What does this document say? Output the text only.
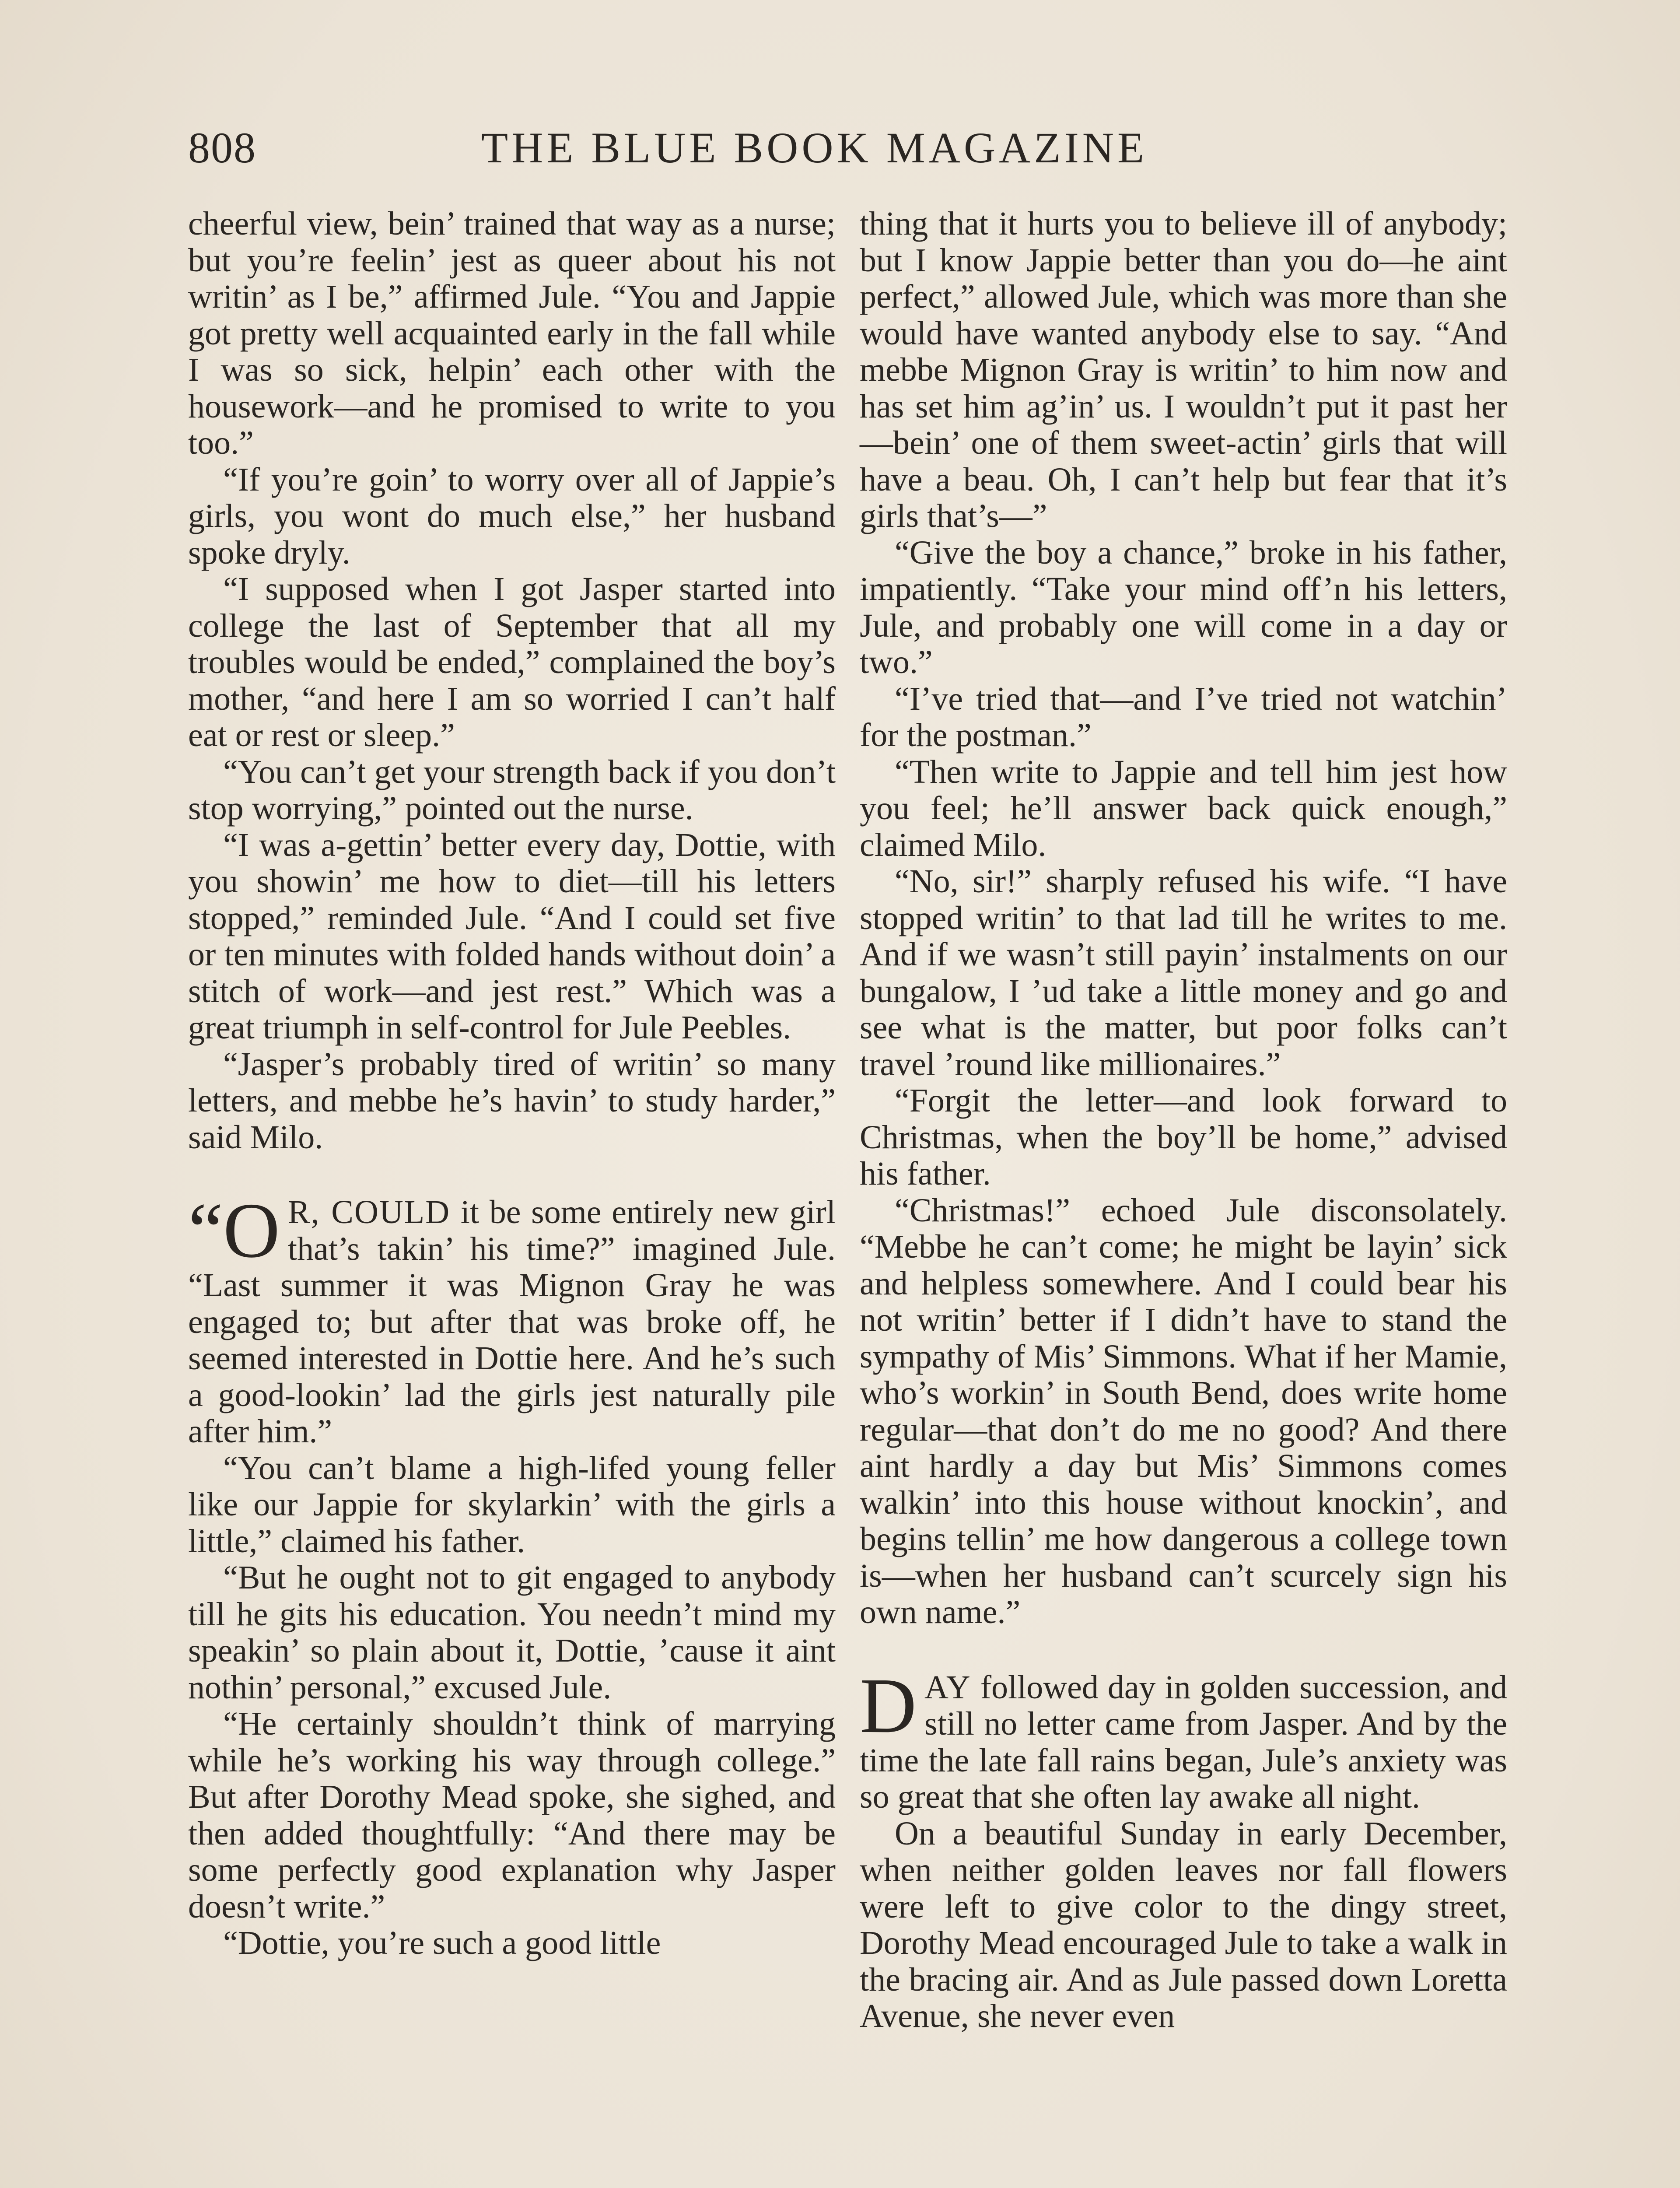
808	THE BLUE BOOK MAGAZINE

cheerful view, bein’ trained that way as a nurse; but you’re feelin’ jest as queer about his not writin’ as I be,” affirmed Jule. “You and Jappie got pretty well acquainted early in the fall while I was so sick, helpin’ each other with the housework—and he promised to write to you too.”

“If you’re goin’ to worry over all of Jappie’s girls, you wont do much else,” her husband spoke dryly.

“I supposed when I got Jasper started into college the last of September that all my troubles would be ended,” complained the boy’s mother, “and here I am so worried I can’t half eat or rest or sleep.”

“You can’t get your strength back if you don’t stop worrying,” pointed out the nurse.

“I was a-gettin’ better every day, Dottie, with you showin’ me how to diet—till his letters stopped,” reminded Jule. “And I could set five or ten minutes with folded hands without doin’ a stitch of work—and jest rest.” Which was a great triumph in self-control for Jule Peebles.

“Jasper’s probably tired of writin’ so many letters, and mebbe he’s havin’ to study harder,” said Milo.

“O R, COULD it be some entirely new girl that’s takin’ his time?” imagined Jule. “Last summer it was Mignon Gray he was engaged to; but after that was broke off, he seemed interested in Dottie here. And he’s such a good-lookin’ lad the girls jest naturally pile after him.”

“You can’t blame a high-lifed young feller like our Jappie for skylarkin’ with the girls a little,” claimed his father.

“But he ought not to git engaged to anybody till he gits his education. You needn’t mind my speakin’ so plain about it, Dottie, ’cause it aint nothin’ personal,” excused Jule.

“He certainly shouldn’t think of marrying while he’s working his way through college.” But after Dorothy Mead spoke, she sighed, and then added thoughtfully: “And there may be some perfectly good explanation why Jasper doesn’t write.”

“Dottie, you’re such a good little

thing that it hurts you to believe ill of anybody; but I know Jappie better than you do—he aint perfect,” allowed Jule, which was more than she would have wanted anybody else to say. “And mebbe Mignon Gray is writin’ to him now and has set him ag’in’ us. I wouldn’t put it past her—bein’ one of them sweet-actin’ girls that will have a beau. Oh, I can’t help but fear that it’s girls that’s—”

“Give the boy a chance,” broke in his father, impatiently. “Take your mind off’n his letters, Jule, and probably one will come in a day or two.”

“I’ve tried that—and I’ve tried not watchin’ for the postman.”

“Then write to Jappie and tell him jest how you feel; he’ll answer back quick enough,” claimed Milo.

“No, sir!” sharply refused his wife. “I have stopped writin’ to that lad till he writes to me. And if we wasn’t still payin’ instalments on our bungalow, I ’ud take a little money and go and see what is the matter, but poor folks can’t travel ’round like millionaires.”

“Forgit the letter—and look forward to Christmas, when the boy’ll be home,” advised his father.

“Christmas!” echoed Jule disconsolately. “Mebbe he can’t come; he might be layin’ sick and helpless somewhere. And I could bear his not writin’ better if I didn’t have to stand the sympathy of Mis’ Simmons. What if her Mamie, who’s workin’ in South Bend, does write home regular—that don’t do me no good? And there aint hardly a day but Mis’ Simmons comes walkin’ into this house without knockin’, and begins tellin’ me how dangerous a college town is—when her husband can’t scurcely sign his own name.”

DAY followed day in golden succession, and still no letter came from Jasper. And by the time the late fall rains began, Jule’s anxiety was so great that she often lay awake all night.

On a beautiful Sunday in early December, when neither golden leaves nor fall flowers were left to give color to the dingy street, Dorothy Mead encouraged Jule to take a walk in the bracing air. And as Jule passed down Loretta Avenue, she never even
